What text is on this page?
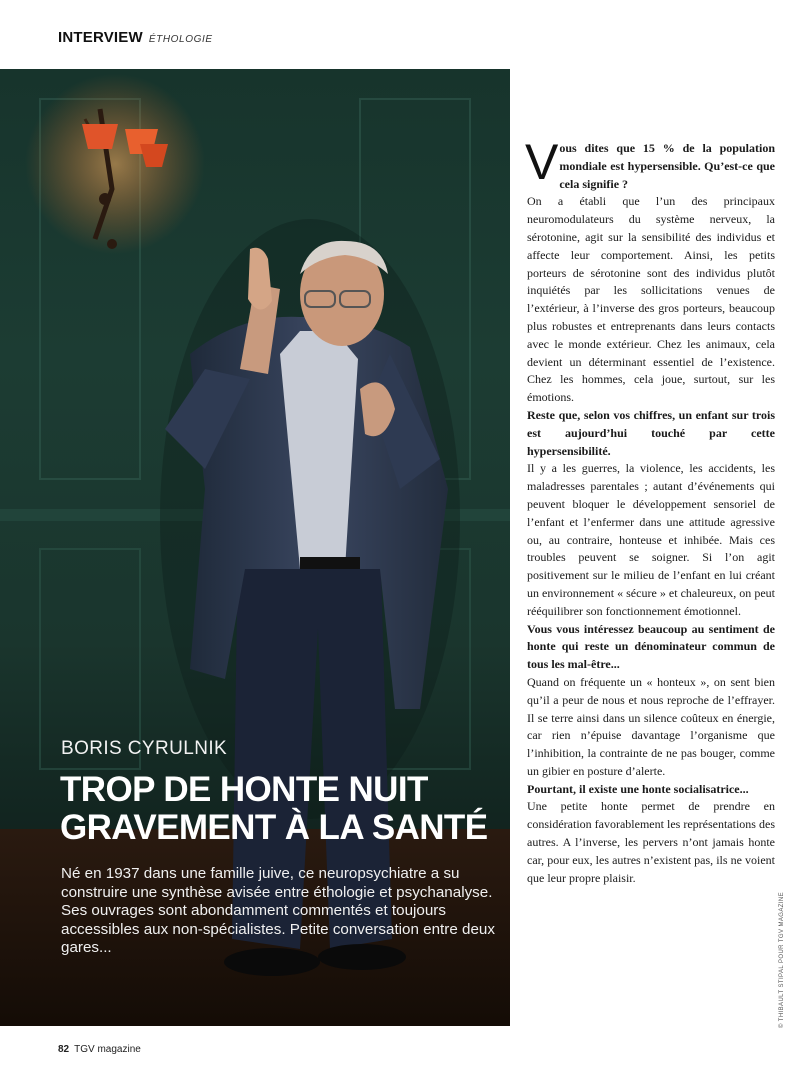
INTERVIEW ÉTHOLOGIE
BORIS CYRULNIK
TROP DE HONTE NUIT
GRAVEMENT À LA SANTÉ

Né en 1937 dans une famille juive, ce neuropsychiatre a su construire une synthèse avisée entre éthologie et psychanalyse. Ses ouvrages sont abondamment commentés et toujours accessibles aux non-spécialistes. Petite conversation entre deux gares...

Vous dites que 15 % de la population mondiale est hypersensible. Qu’est-ce que cela signifie ?

On a établi que l’un des principaux neuromodulateurs du système nerveux, la sérotonine, agit sur la sensibilité des individus et affecte leur comportement. Ainsi, les petits porteurs de sérotonine sont des individus plutôt inquiétés par les sollicitations venues de l’extérieur, à l’inverse des gros porteurs, beaucoup plus robustes et entreprenants dans leurs contacts avec le monde extérieur. Chez les animaux, cela devient un déterminant essentiel de l’existence. Chez les hommes, cela joue, surtout, sur les émotions.

Reste que, selon vos chiffres, un enfant sur trois est aujourd’hui touché par cette hypersensibilité.

Il y a les guerres, la violence, les accidents, les maladresses parentales ; autant d’événements qui peuvent bloquer le développement sensoriel de l’enfant et l’enfermer dans une attitude agressive ou, au contraire, honteuse et inhibée. Mais ces troubles peuvent se soigner. Si l’on agit positivement sur le milieu de l’enfant en lui créant un environnement « sécure » et chaleureux, on peut rééquilibrer son fonctionnement émotionnel.

Vous vous intéressez beaucoup au sentiment de honte qui reste un dénominateur commun de tous les mal-être...

Quand on fréquente un « honteux », on sent bien qu’il a peur de nous et nous reproche de l’effrayer. Il se terre ainsi dans un silence coûteux en énergie, car rien n’épuise davantage l’organisme que l’inhibition, la contrainte de ne pas bouger, comme un gibier en posture d’alerte.

Pourtant, il existe une honte socialisatrice...

Une petite honte permet de prendre en considération favorablement les représentations des autres. A l’inverse, les pervers n’ont jamais honte car, pour eux, les autres n’existent pas, ils ne voient que leur propre plaisir.

82 TGV magazine
© THIBAULT STIPAL POUR TGV MAGAZINE
